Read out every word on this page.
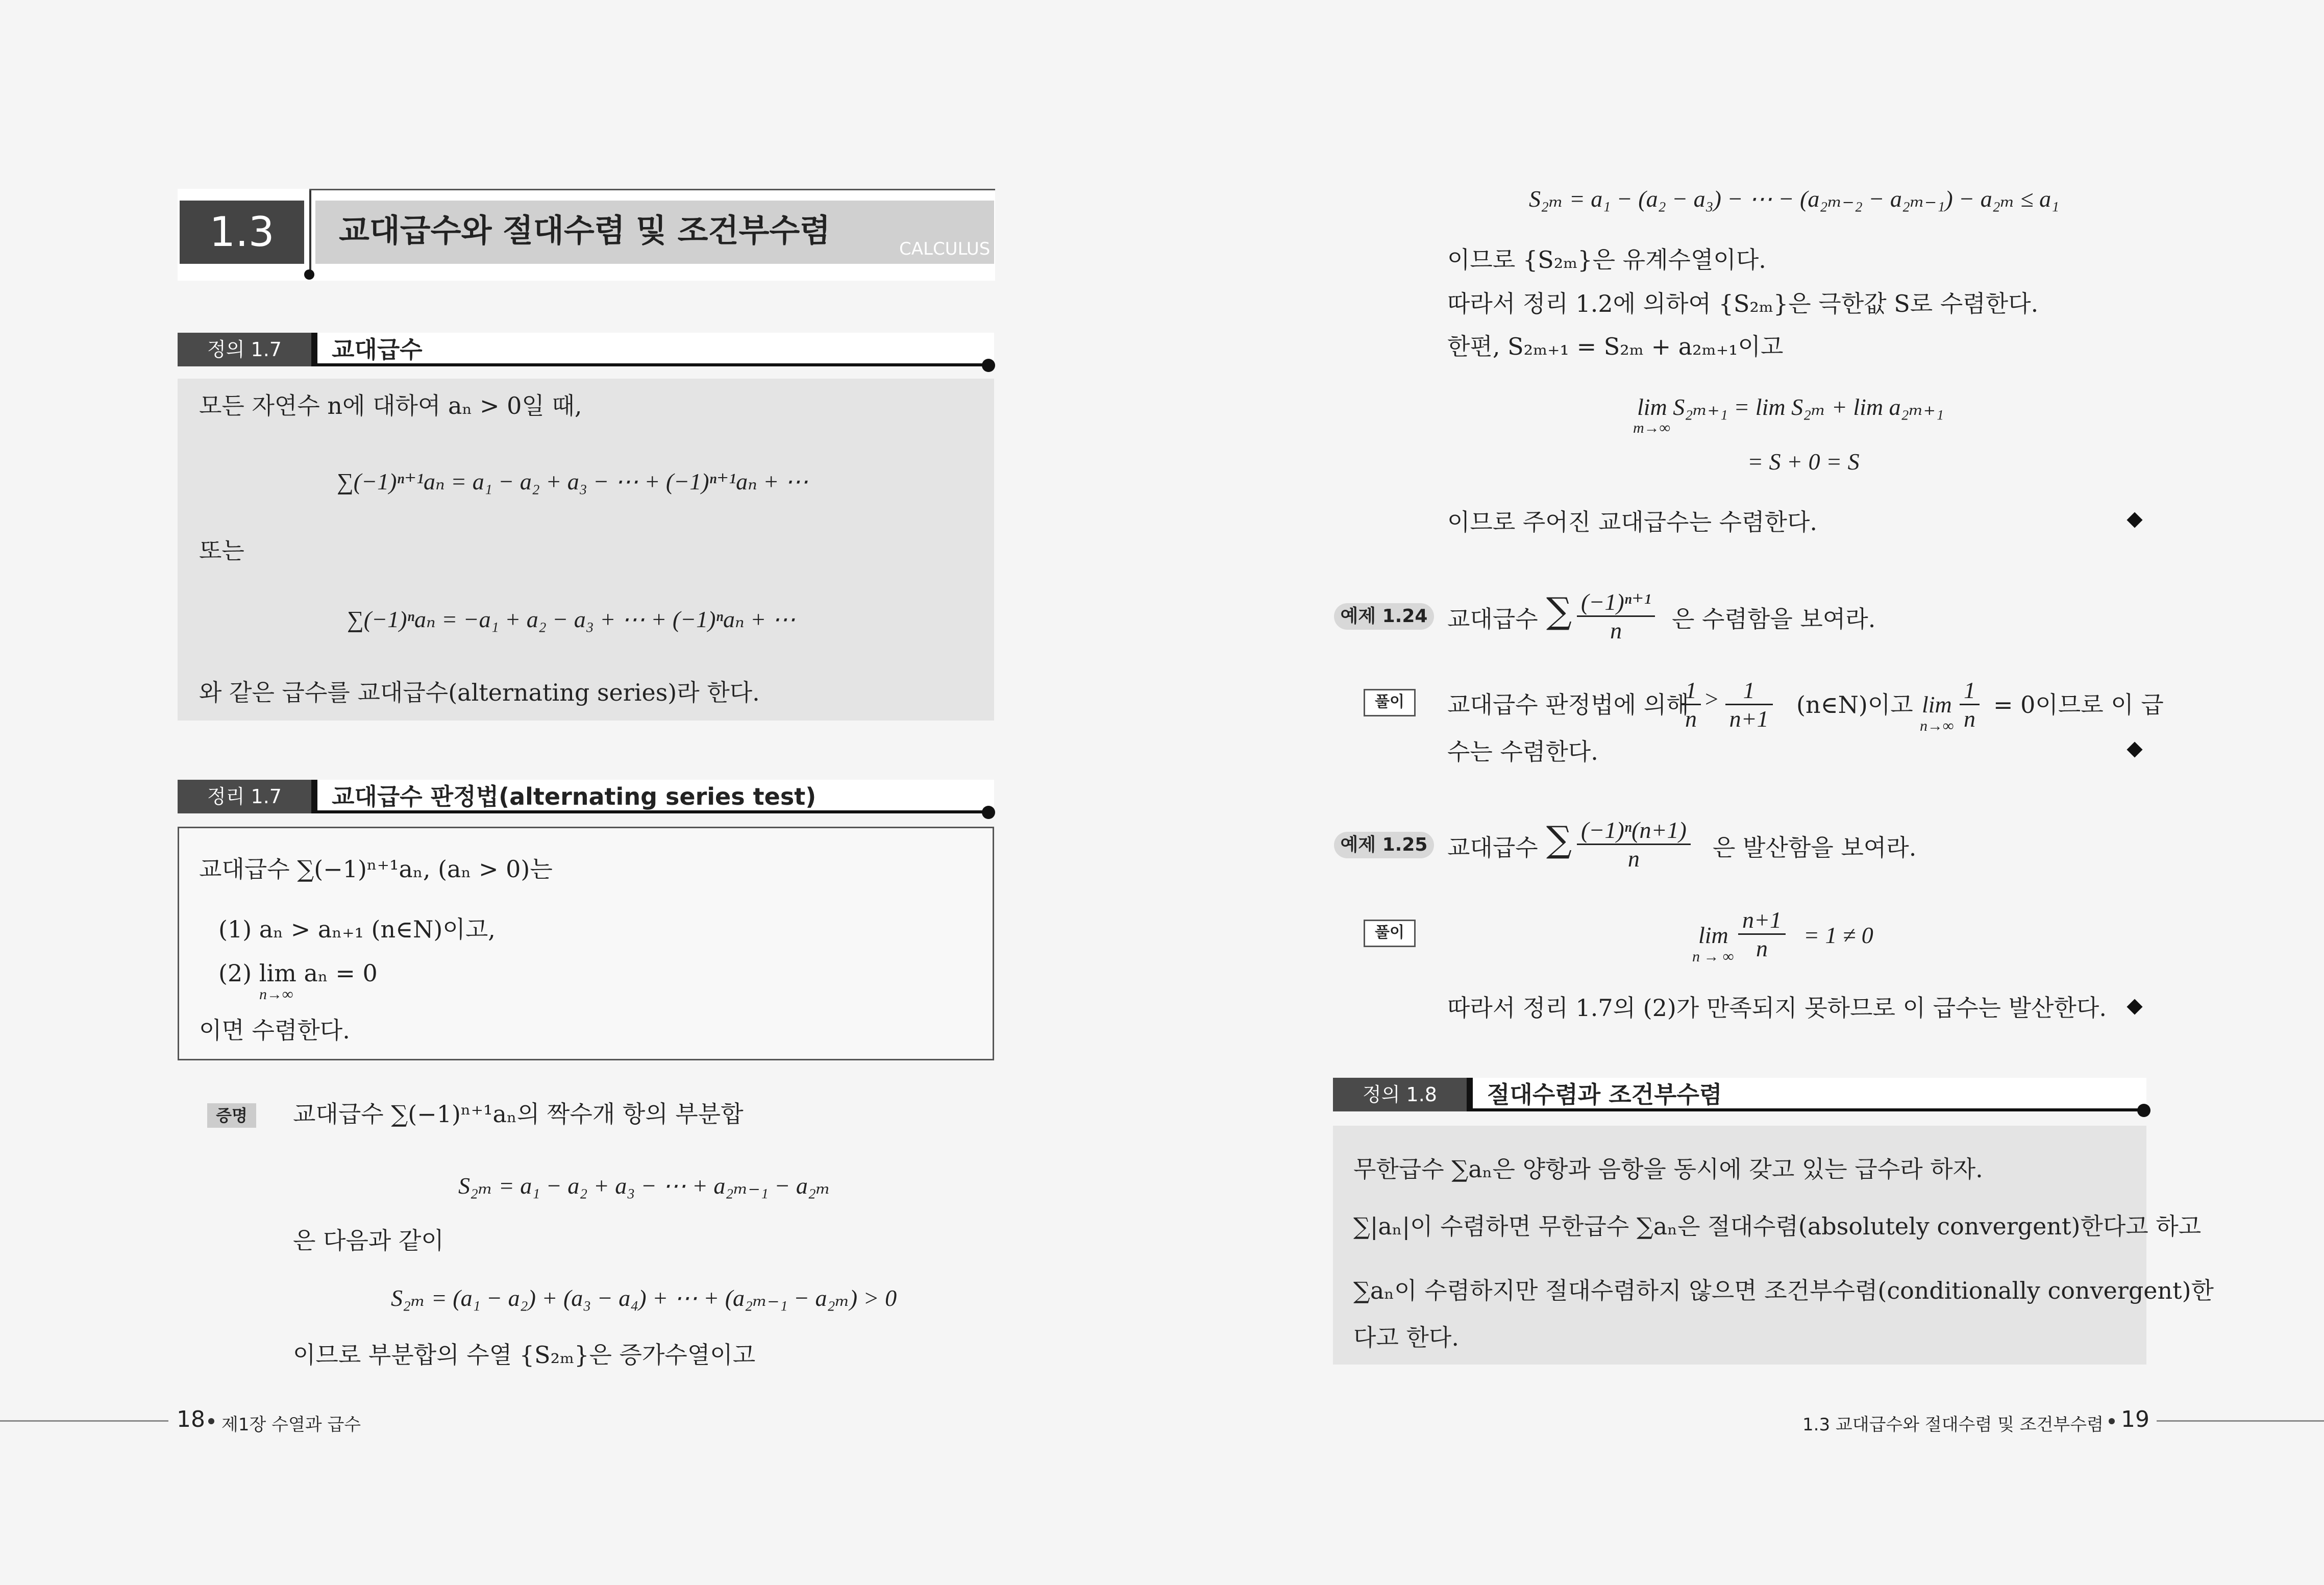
1.3	교대급수와 절대수렴 및 조건부수렴	CALCULUS
정의 1.7	교대급수
모든 자연수 n에 대하여 aₙ > 0일 때,
∑(−1)ⁿ⁺¹aₙ = a₁ − a₂ + a₃ − ⋯ + (−1)ⁿ⁺¹aₙ + ⋯
또는
∑(−1)ⁿaₙ = −a₁ + a₂ − a₃ + ⋯ + (−1)ⁿaₙ + ⋯
와 같은 급수를 교대급수(alternating series)라 한다.
정리 1.7	교대급수 판정법(alternating series test)
교대급수 ∑(−1)ⁿ⁺¹aₙ, (aₙ > 0)는
(1) aₙ > aₙ₊₁ (n∈N)이고,
(2) lim aₙ = 0
n→∞
이면 수렴한다.
증명	교대급수 ∑(−1)ⁿ⁺¹aₙ의 짝수개 항의 부분합
S₂ₘ = a₁ − a₂ + a₃ − ⋯ + a₂ₘ₋₁ − a₂ₘ
은 다음과 같이
S₂ₘ = (a₁ − a₂) + (a₃ − a₄) + ⋯ + (a₂ₘ₋₁ − a₂ₘ) > 0
이므로 부분합의 수열 {S₂ₘ}은 증가수열이고
18 제1장 수열과 급수
S₂ₘ = a₁ − (a₂ − a₃) − ⋯ − (a₂ₘ₋₂ − a₂ₘ₋₁) − a₂ₘ ≤ a₁
이므로 {S₂ₘ}은 유계수열이다.
따라서 정리 1.2에 의하여 {S₂ₘ}은 극한값 S로 수렴한다.
한편, S₂ₘ₊₁ = S₂ₘ + a₂ₘ₊₁이고
lim S₂ₘ₊₁ = lim S₂ₘ + lim a₂ₘ₊₁
m→∞
= S + 0 = S
이므로 주어진 교대급수는 수렴한다.
예제 1.24 교대급수 ∑ $\frac{\text{(−1)ⁿ⁺¹}}{n}$ 은 수렴함을 보여라.
풀이	교대급수 판정법에 의해
$\frac{1}{n} > \frac{1}{n+1}$ (n∈N)이고 lim
$n\to\infty \frac{1}{n} = 0$이므로 이 급
수는 수렴한다.
예제 1.25 교대급수 ∑ $\frac{\text{(−1)ⁿ(n+1)}}{n}$ 은 발산함을 보여라.
풀이	lim
n → ∞ $\frac{n+1}{n} = 1 \ne 0$
따라서 정리 1.7의 (2)가 만족되지 못하므로 이 급수는 발산한다.
정의 1.8	절대수렴과 조건부수렴
무한급수 ∑aₙ은 양항과 음항을 동시에 갖고 있는 급수라 하자.
∑|aₙ|이 수렴하면 무한급수 ∑aₙ은 절대수렴(absolutely convergent)한다고 하고
∑aₙ이 수렴하지만 절대수렴하지 않으면 조건부수렴(conditionally convergent)한
다고 한다.
1.3 교대급수와 절대수렴 및 조건부수렴 19
